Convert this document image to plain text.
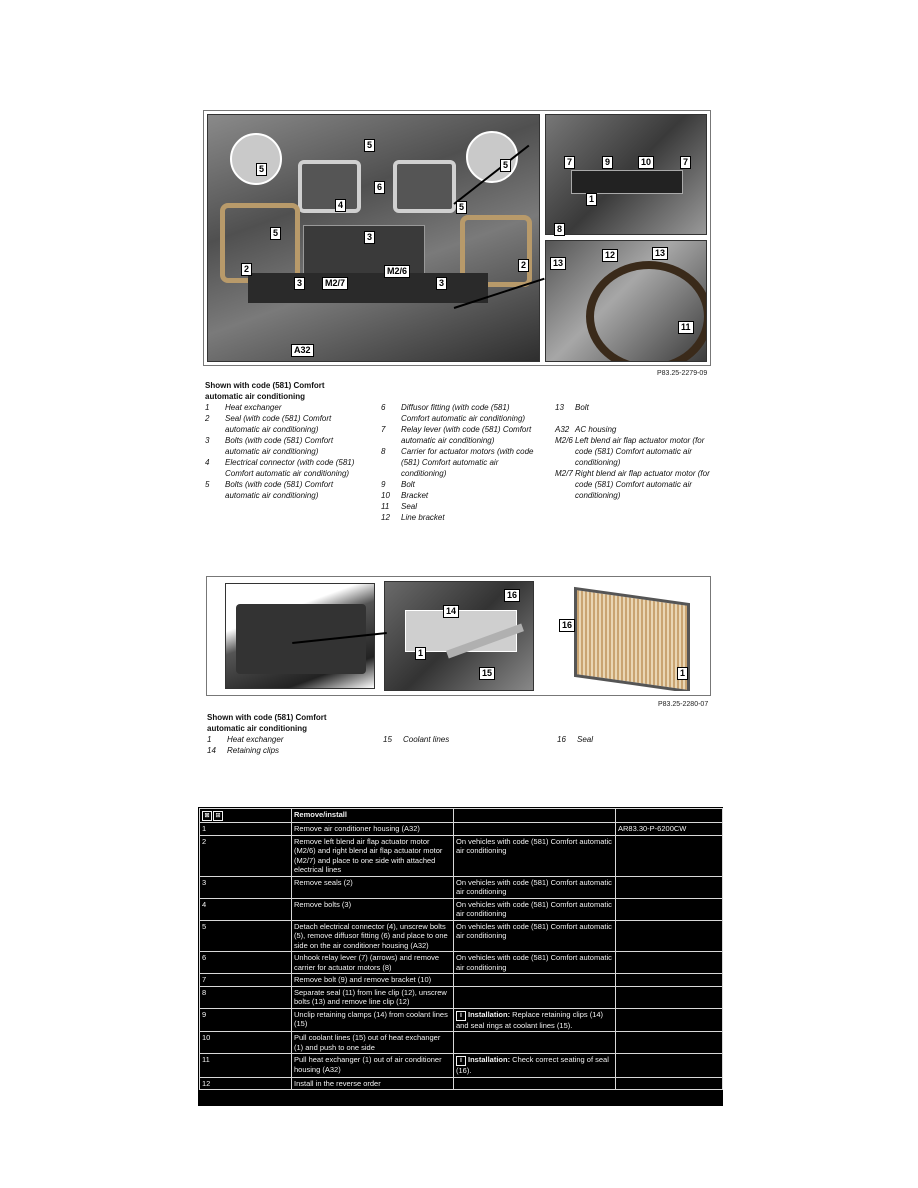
5
5
5
6
5
4	5
2	2
3	M2/7	3
M2/6
3
A32
7	9	10	7
1
8
13
12
13
11
P83.25-2279-09
Shown with code (581) Comfort
automatic air conditioning
1	Heat exchanger
2	Seal (with code (581) Comfort automatic air conditioning)
3	Bolts (with code (581) Comfort automatic air conditioning)
4	Electrical connector (with code (581) Comfort automatic air conditioning)
5	Bolts (with code (581) Comfort automatic air conditioning)
6	Diffusor fitting (with code (581) Comfort automatic air conditioning)
7	Relay lever (with code (581) Comfort automatic air conditioning)
8	Carrier for actuator motors (with code (581) Comfort automatic air conditioning)
9	Bolt
10	Bracket
11	Seal
12	Line bracket
13	Bolt
A32 AC housing
M2/6 Left blend air flap actuator motor (for code (581) Comfort automatic air conditioning)
M2/7 Right blend air flap actuator motor (for code (581) Comfort automatic air conditioning)
16
14
1
15
16
1
P83.25-2280-07
Shown with code (581) Comfort
automatic air conditioning
1	Heat exchanger
14	Retaining clips
15	Coolant lines	16	Seal
⊠ ⊞	Remove/install		
1	Remove air conditioner housing (A32)		AR83.30-P-6200CW
2	Remove left blend air flap actuator motor (M2/6) and right blend air flap actuator motor (M2/7) and place to one side with attached electrical lines	On vehicles with code (581) Comfort automatic air conditioning	
3	Remove seals (2)	On vehicles with code (581) Comfort automatic air conditioning	
4	Remove bolts (3)	On vehicles with code (581) Comfort automatic air conditioning	
5	Detach electrical connector (4), unscrew bolts (5), remove diffusor fitting (6) and place to one side on the air conditioner housing (A32)	On vehicles with code (581) Comfort automatic air conditioning	
6	Unhook relay lever (7) (arrows) and remove carrier for actuator motors (8)	On vehicles with code (581) Comfort automatic air conditioning	
7	Remove bolt (9) and remove bracket (10)		
8	Separate seal (11) from line clip (12), unscrew bolts (13) and remove line clip (12)		
9	Unclip retaining clamps (14) from coolant lines (15)	i Installation: Replace retaining clips (14) and seal rings at coolant lines (15).	
10	Pull coolant lines (15) out of heat exchanger (1) and push to one side		
11	Pull heat exchanger (1) out of air conditioner housing (A32)	i Installation: Check correct seating of seal (16).	
12	Install in the reverse order		
